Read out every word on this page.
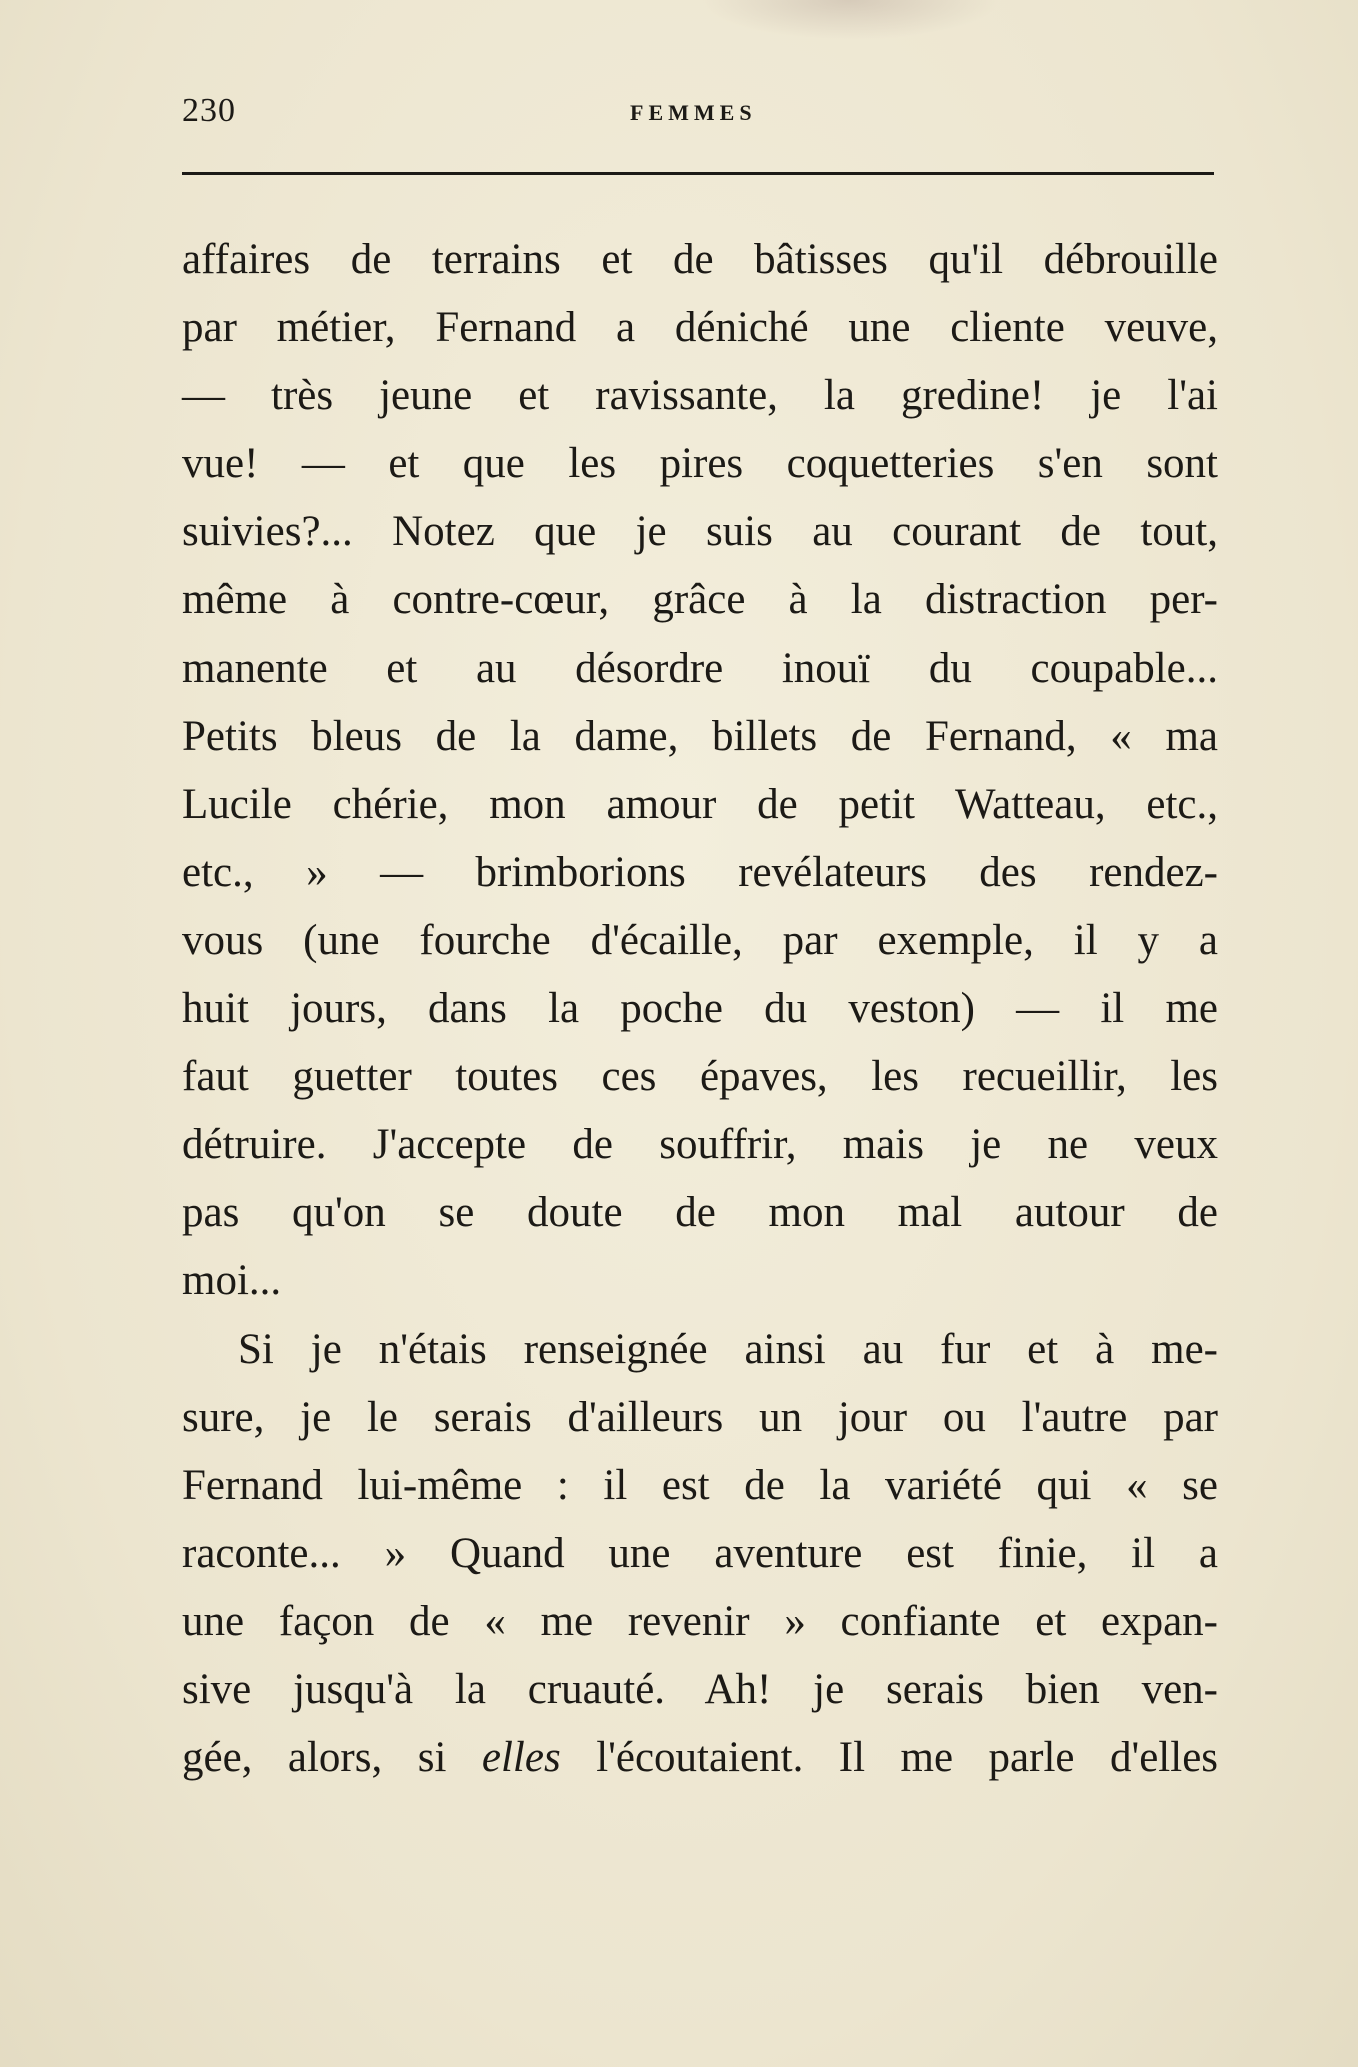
230	FEMMES
affaires de terrains et de bâtisses qu'il débrouille
par métier, Fernand a déniché une cliente veuve,
— très jeune et ravissante, la gredine! je l'ai
vue! — et que les pires coquetteries s'en sont
suivies?... Notez que je suis au courant de tout,
même à contre-cœur, grâce à la distraction per-
manente et au désordre inouï du coupable...
Petits bleus de la dame, billets de Fernand, « ma
Lucile chérie, mon amour de petit Watteau, etc.,
etc., » — brimborions revélateurs des rendez-
vous (une fourche d'écaille, par exemple, il y a
huit jours, dans la poche du veston) — il me
faut guetter toutes ces épaves, les recueillir, les
détruire. J'accepte de souffrir, mais je ne veux
pas qu'on se doute de mon mal autour de
moi...
Si je n'étais renseignée ainsi au fur et à me-
sure, je le serais d'ailleurs un jour ou l'autre par
Fernand lui-même : il est de la variété qui « se
raconte... » Quand une aventure est finie, il a
une façon de « me revenir » confiante et expan-
sive jusqu'à la cruauté. Ah! je serais bien ven-
gée, alors, si elles l'écoutaient. Il me parle d'elles
